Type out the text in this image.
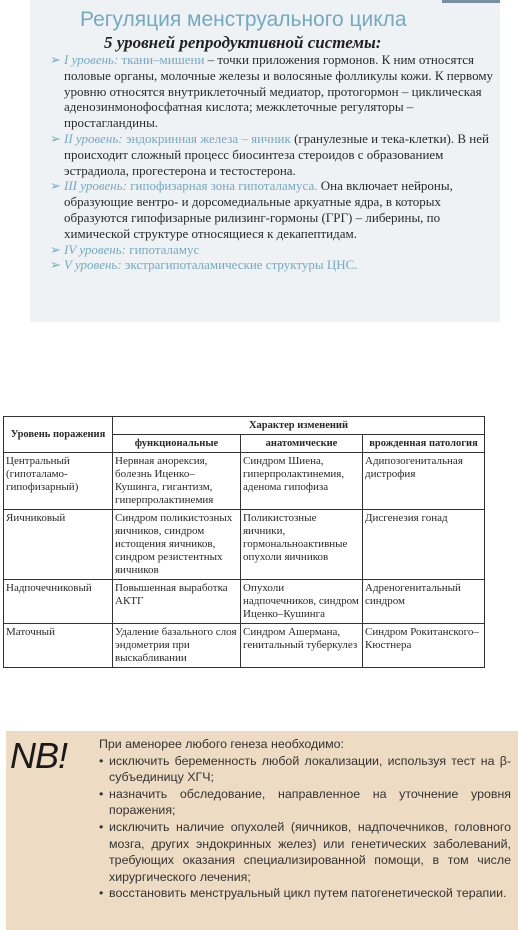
Регуляция менструального цикла
5 уровней репродуктивной системы:

➢ I уровень: ткани–мишени – точки приложения гормонов. К ним относятся половые органы, молочные железы и волосяные фолликулы кожи. К первому уровню относятся внутриклеточный медиатор, протогормон – циклическая аденозинмонофосфатная кислота; межклеточные регуляторы – простагландины.

➢ II уровень: эндокринная железа – яичник (гранулезные и тека-клетки). В ней происходит сложный процесс биосинтеза стероидов с образованием эстрадиола, прогестерона и тестостерона.

➢ III уровень: гипофизарная зона гипоталамуса. Она включает нейроны, образующие вентро- и дорсомедиальные аркуатные ядра, в которых образуются гипофизарные рилизинг-гормоны (ГРГ) – либерины, по химической структуре относящиеся к декапептидам.

➢ IV уровень: гипоталамус

➢ V уровень: экстрагипоталамические структуры ЦНС.

Уровень поражения	Характер изменений		
	функциональные	анатомические	врожденная патология
Центральный (гипоталамо-гипофизарный)	Нервная анорексия, болезнь Иценко–Кушинга, гигантизм, гиперпролактинемия	Синдром Шиена, гиперпролактинемия, аденома гипофиза	Адипозогенитальная дистрофия
Яичниковый	Синдром поликистозных яичников, синдром истощения яичников, синдром резистентных яичников	Поликистозные яичники, гормональноактивные опухоли яичников	Дисгенезия гонад
Надпочечниковый	Повышенная выработка АКТГ	Опухоли надпочечников, синдром Иценко–Кушинга	Адреногенитальный синдром
Маточный	Удаление базального слоя эндометрия при выскабливании	Синдром Ашермана, генитальный туберкулез	Синдром Рокитанского–Кюстнера
NB!	При аменорее любого генеза необходимо:

• исключить беременность любой локализации, используя тест на β-субъединицу ХГЧ;

• назначить обследование, направленное на уточнение уровня поражения;

• исключить наличие опухолей (яичников, надпочечников, головного мозга, других эндокринных желез) или генетических заболеваний, требующих оказания специализированной помощи, в том числе хирургического лечения;

• восстановить менструальный цикл путем патогенетической терапии.
